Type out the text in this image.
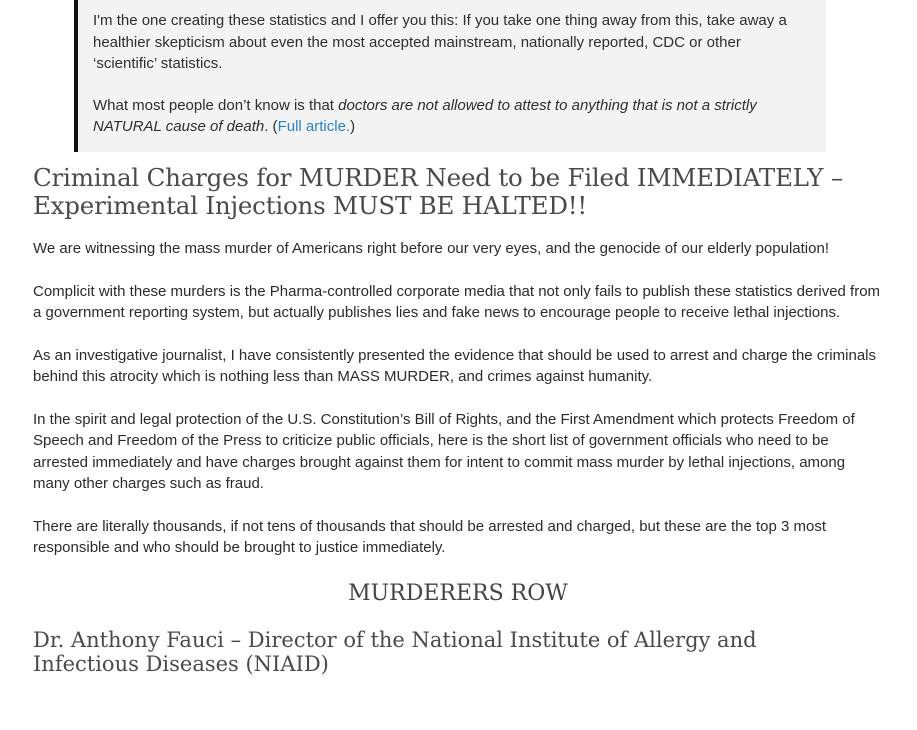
I'm the one creating these statistics and I offer you this: If you take one thing away from this, take away a healthier skepticism about even the most accepted mainstream, nationally reported, CDC or other ‘scientific’ statistics.

What most people don’t know is that doctors are not allowed to attest to anything that is not a strictly NATURAL cause of death. (Full article.)

Criminal Charges for MURDER Need to be Filed IMMEDIATELY – Experimental Injections MUST BE HALTED!!

We are witnessing the mass murder of Americans right before our very eyes, and the genocide of our elderly population!

Complicit with these murders is the Pharma-controlled corporate media that not only fails to publish these statistics derived from a government reporting system, but actually publishes lies and fake news to encourage people to receive lethal injections.

As an investigative journalist, I have consistently presented the evidence that should be used to arrest and charge the criminals behind this atrocity which is nothing less than MASS MURDER, and crimes against humanity.

In the spirit and legal protection of the U.S. Constitution’s Bill of Rights, and the First Amendment which protects Freedom of Speech and Freedom of the Press to criticize public officials, here is the short list of government officials who need to be arrested immediately and have charges brought against them for intent to commit mass murder by lethal injections, among many other charges such as fraud.

There are literally thousands, if not tens of thousands that should be arrested and charged, but these are the top 3 most responsible and who should be brought to justice immediately.

MURDERERS ROW
Dr. Anthony Fauci – Director of the National Institute of Allergy and Infectious Diseases (NIAID)
